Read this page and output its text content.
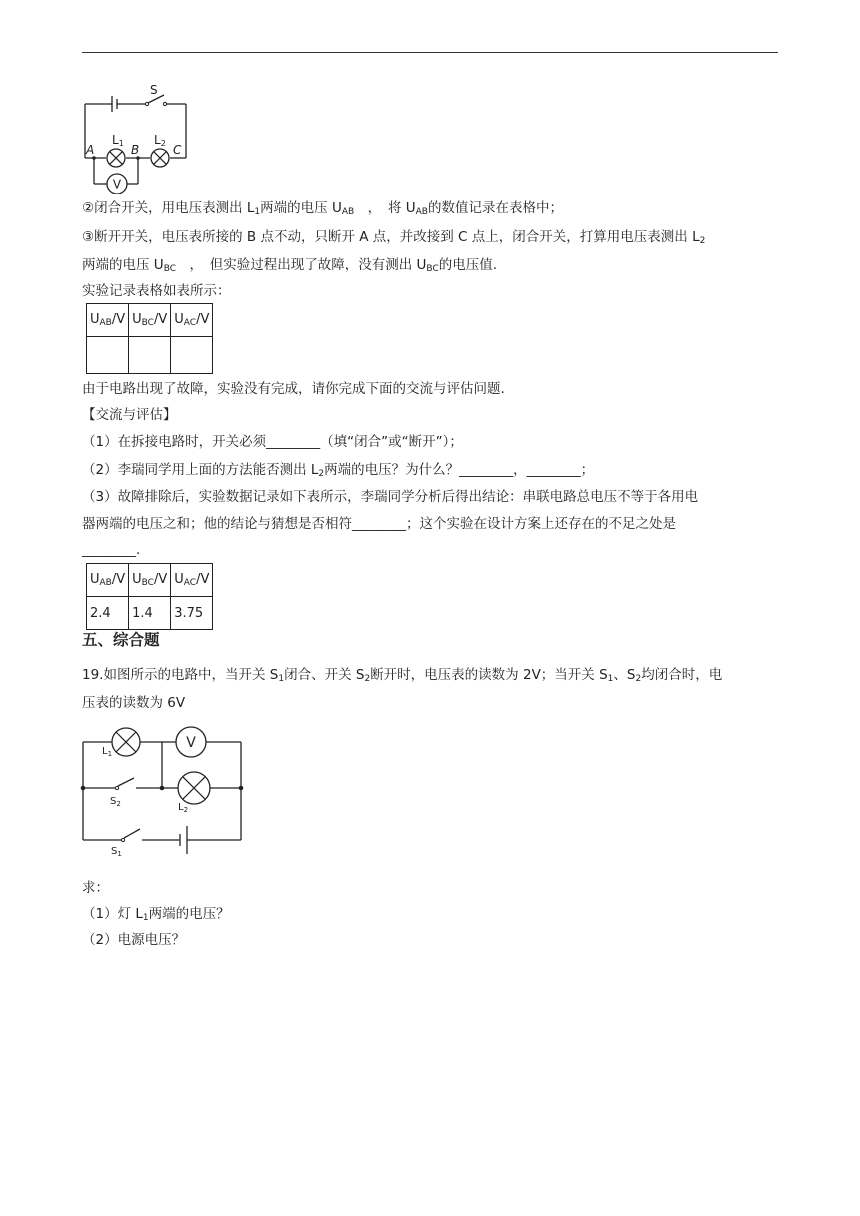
V
S
A	B	C
L1	L2
②闭合开关，用电压表测出 $L_1$两端的电压 $U_{AB}$　，　将 $U_{AB}$的数值记录在表格中；
③断开开关，电压表所接的 B 点不动，只断开 A 点，并改接到 C 点上，闭合开关，打算用电压表测出 $L_2$
两端的电压 $U_{BC}$　，　但实验过程出现了故障，没有测出 $U_{BC}$的电压值.
实验记录表格如表所示：
$U_{AB}/V$	$U_{BC}/V$	$U_{AC}/V$

由于电路出现了故障，实验没有完成，请你完成下面的交流与评估问题.
【交流与评估】
（1）在拆接电路时，开关必须________（填“闭合”或“断开”）；
（2）李瑞同学用上面的方法能否测出 $L_2$两端的电压？为什么？________，________；
（3）故障排除后，实验数据记录如下表所示，李瑞同学分析后得出结论：串联电路总电压不等于各用电
器两端的电压之和；他的结论与猜想是否相符________；这个实验在设计方案上还存在的不足之处是
________.
$U_{AB}/V$	$U_{BC}/V$	$U_{AC}/V$
2.4	1.4	3.75
五、综合题
19.如图所示的电路中，当开关 $S_1$闭合、开关 $S_2$断开时，电压表的读数为 2V；当开关 $S_1$、$S_2$均闭合时，电
压表的读数为 6V
V
$L_1$
$L_2$
$S_2$
$S_1$
求：
（1）灯 $L_1$两端的电压？
（2）电源电压？
